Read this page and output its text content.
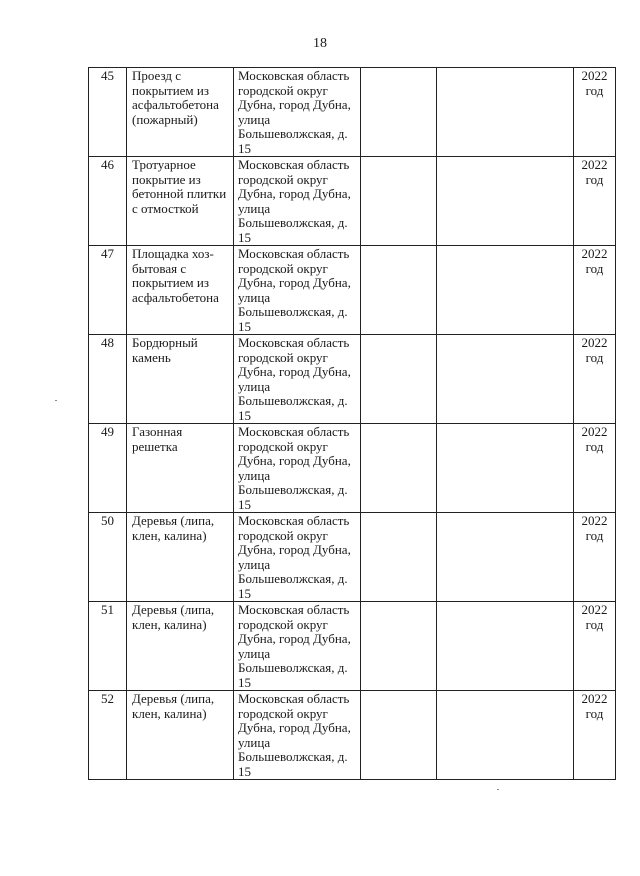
18
45	Проезд с покрытием из асфальтобетона (пожарный)	Московская область городской округ Дубна, город Дубна, улица Большеволжская, д. 15			2022 год
46	Тротуарное покрытие из бетонной плитки с отмосткой	Московская область городской округ Дубна, город Дубна, улица Большеволжская, д. 15			2022 год
47	Площадка хоз-бытовая с покрытием из асфальтобетона	Московская область городской округ Дубна, город Дубна, улица Большеволжская, д. 15			2022 год
48	Бордюрный камень	Московская область городской округ Дубна, город Дубна, улица Большеволжская, д. 15			2022 год
49	Газонная решетка	Московская область городской округ Дубна, город Дубна, улица Большеволжская, д. 15			2022 год
50	Деревья (липа, клен, калина)	Московская область городской округ Дубна, город Дубна, улица Большеволжская, д. 15			2022 год
51	Деревья (липа, клен, калина)	Московская область городской округ Дубна, город Дубна, улица Большеволжская, д. 15			2022 год
52	Деревья (липа, клен, калина)	Московская область городской округ Дубна, город Дубна, улица Большеволжская, д. 15			2022 год
